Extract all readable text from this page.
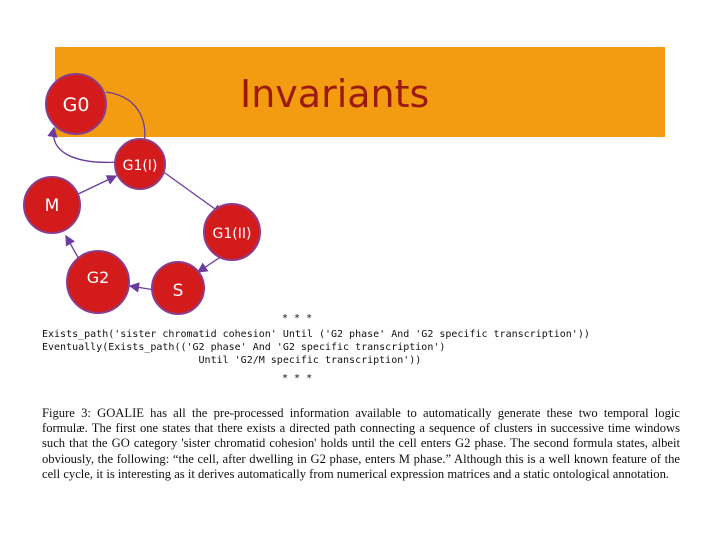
Invariants
G0
G1(I)
M
G1(II)
G2
S
* * *
Exists_path('sister chromatid cohesion' Until ('G2 phase' And 'G2 specific transcription'))
Eventually(Exists_path(('G2 phase' And 'G2 specific transcription')
Until 'G2/M specific transcription'))
* * *
Figure 3: GOALIE has all the pre-processed information available to automatically generate these two temporal logic formulæ. The first one states that there exists a directed path connecting a sequence of clusters in successive time windows such that the GO category 'sister chromatid cohesion' holds until the cell enters G2 phase. The second formula states, albeit obviously, the following: “the cell, after dwelling in G2 phase, enters M phase.” Although this is a well known feature of the cell cycle, it is interesting as it derives automatically from numerical expression matrices and a static ontological annotation.
